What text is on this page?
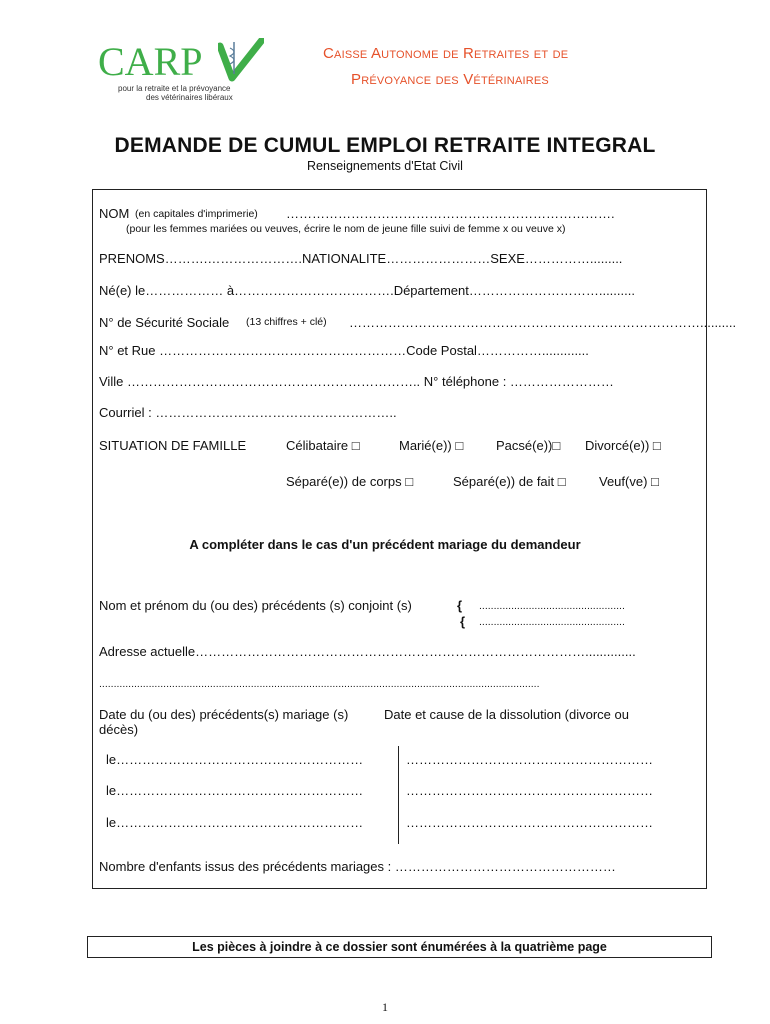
CARP
pour la retraite et la prévoyance
des vétérinaires libéraux
Caisse Autonome de Retraites et de
Prévoyance des Vétérinaires
DEMANDE DE CUMUL EMPLOI RETRAITE INTEGRAL
Renseignements d'Etat Civil
NOM (en capitales d'imprimerie) ………………………………………………………………….
(pour les femmes mariées ou veuves, écrire le nom de jeune fille suivi de femme x ou veuve x)
PRENOMS……….………………….NATIONALITE……………………SEXE…………….........
Né(e) le……………… à……………………………….Département…………………………..........
N° de Sécurité Sociale (13 chiffres + clé) ………………………………………………………………………..........
N° et Rue …………………………………………………Code Postal…………….............
Ville ………………………………………………………….. N° téléphone : ……………………
Courriel : ………………………………………………..
SITUATION DE FAMILLE	Célibataire □	Marié(e)) □	Pacsé(e))□ Divorcé(e)) □
Séparé(e)) de corps □	Séparé(e)) de fait □	Veuf(ve) □
A compléter dans le cas d'un précédent mariage du demandeur
Nom et prénom du (ou des) précédents (s) conjoint (s)	{
{
..................................................
..................................................
Adresse actuelle………………………………………………………………………………..............
.......................................................................................................................................................
Date du (ou des) précédents(s) mariage (s)	Date et cause de la dissolution (divorce ou
décès)
le…………………………………………………	…………………………………………………
le…………………………………………………	…………………………………………………
le…………………………………………………	…………………………………………………
Nombre d'enfants issus des précédents mariages : ……………………………………………
Les pièces à joindre à ce dossier sont énumérées à la quatrième page
1
